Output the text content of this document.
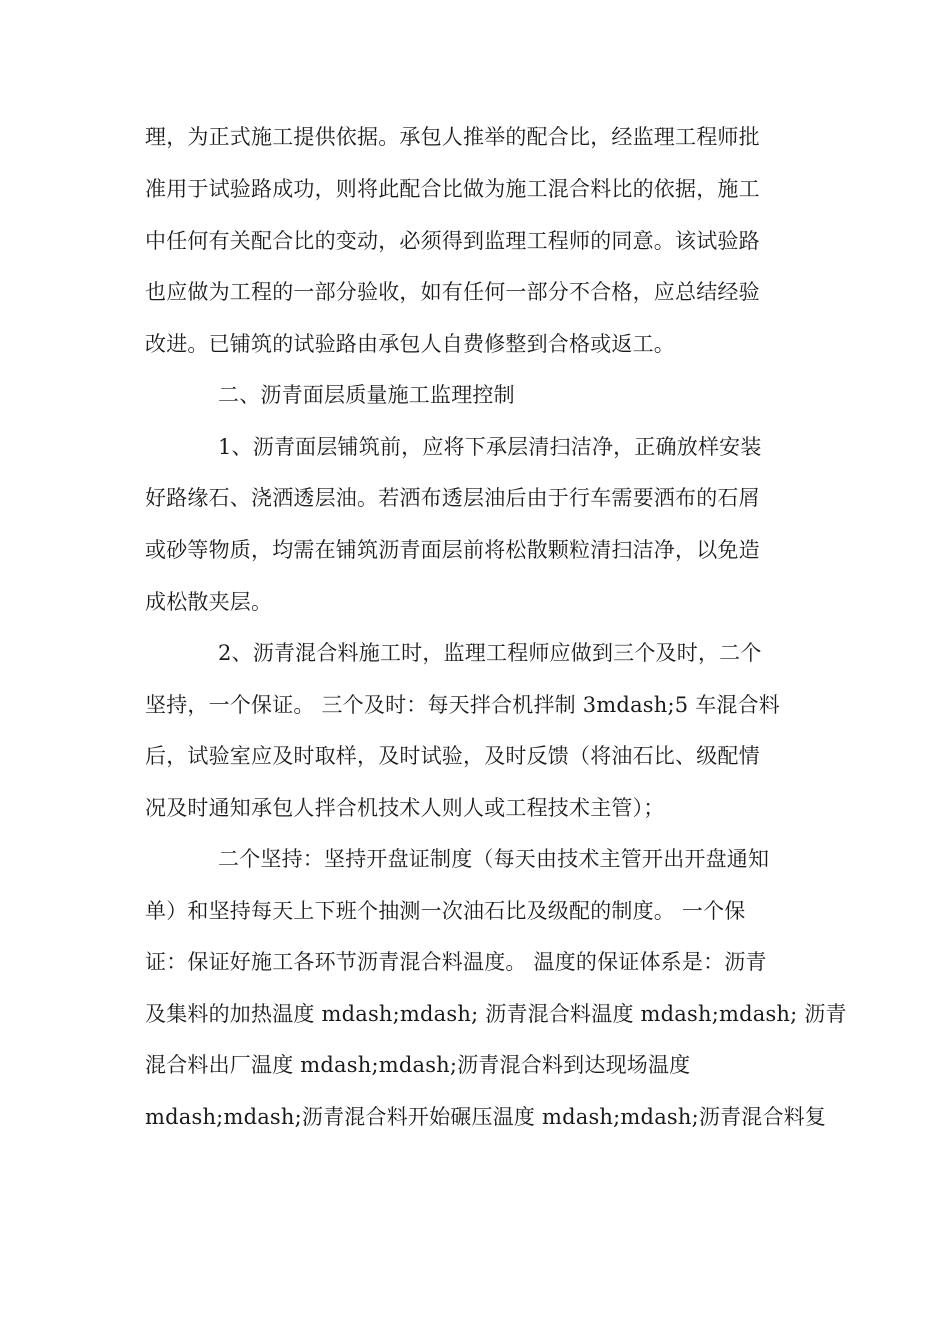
理，为正式施工提供依据。承包人推举的配合比，经监理工程师批
准用于试验路成功，则将此配合比做为施工混合料比的依据，施工
中任何有关配合比的变动，必须得到监理工程师的同意。该试验路
也应做为工程的一部分验收，如有任何一部分不合格，应总结经验
改进。已铺筑的试验路由承包人自费修整到合格或返工。
二、沥青面层质量施工监理控制
1、沥青面层铺筑前，应将下承层清扫洁净，正确放样安装
好路缘石、浇洒透层油。若洒布透层油后由于行车需要洒布的石屑
或砂等物质，均需在铺筑沥青面层前将松散颗粒清扫洁净，以免造
成松散夹层。
2、沥青混合料施工时，监理工程师应做到三个及时，二个
坚持，一个保证。 三个及时：每天拌合机拌制 3mdash;5 车混合料
后，试验室应及时取样，及时试验，及时反馈（将油石比、级配情
况及时通知承包人拌合机技术人则人或工程技术主管）；
二个坚持：坚持开盘证制度（每天由技术主管开出开盘通知
单）和坚持每天上下班个抽测一次油石比及级配的制度。 一个保
证：保证好施工各环节沥青混合料温度。 温度的保证体系是：沥青
及集料的加热温度 mdash;mdash; 沥青混合料温度 mdash;mdash; 沥青
混合料出厂温度 mdash;mdash;沥青混合料到达现场温度
mdash;mdash;沥青混合料开始碾压温度 mdash;mdash;沥青混合料复
